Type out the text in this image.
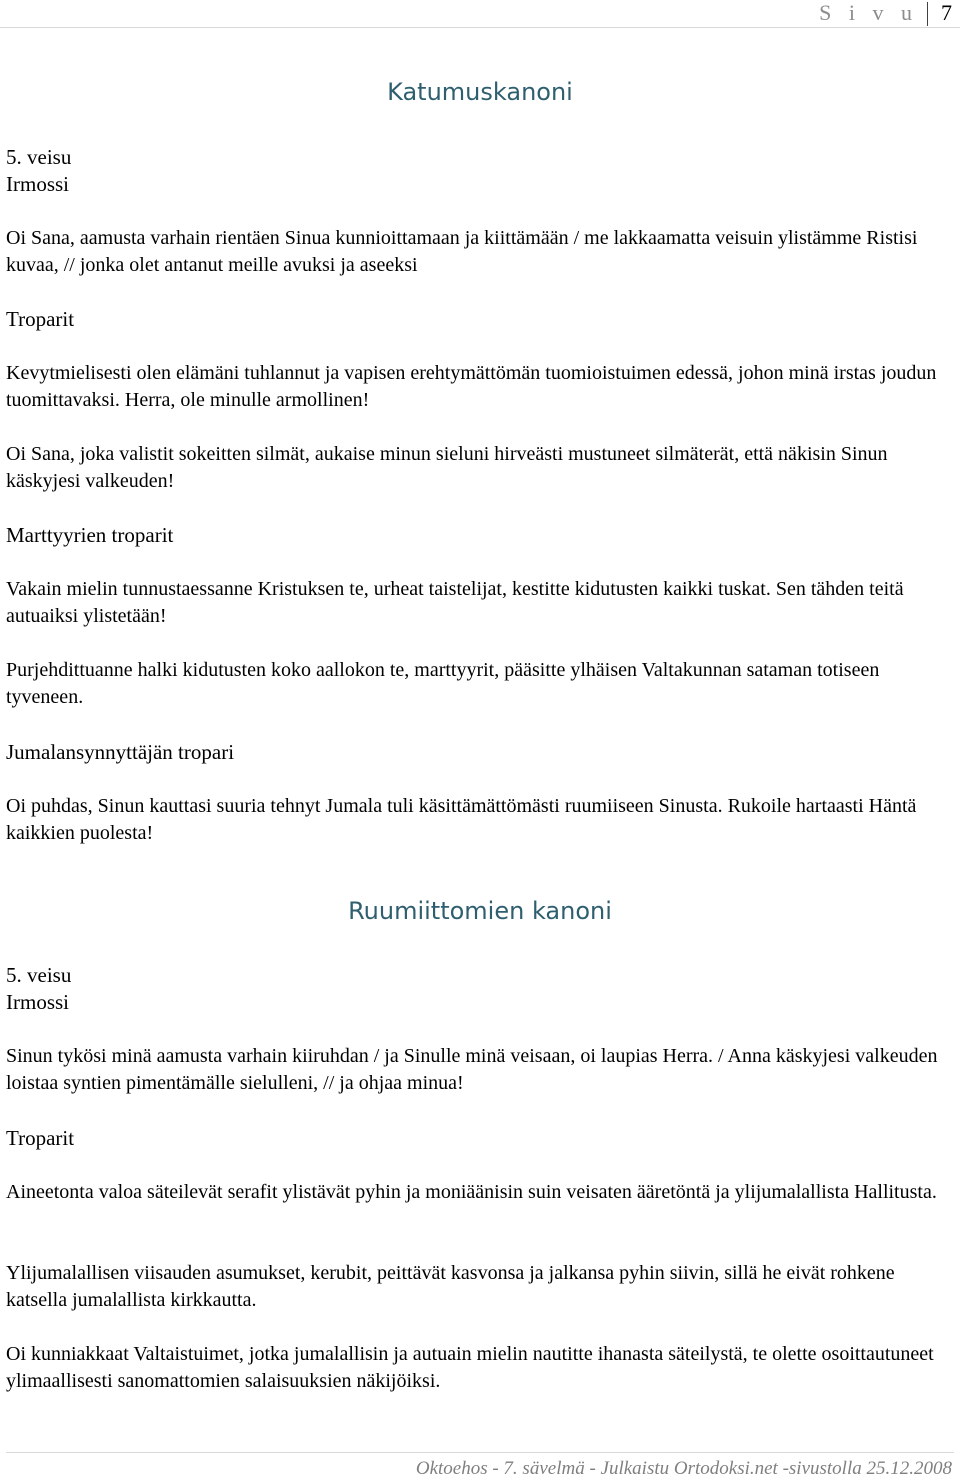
S i v u 7
Katumuskanoni

5. veisu

Irmossi

Oi Sana, aamusta varhain rientäen Sinua kunnioittamaan ja kiittämään / me lakkaamatta veisuin ylistämme Ristisi kuvaa, // jonka olet antanut meille avuksi ja aseeksi

Troparit

Kevytmielisesti olen elämäni tuhlannut ja vapisen erehtymättömän tuomioistuimen edessä, johon minä irstas joudun tuomittavaksi. Herra, ole minulle armollinen!

Oi Sana, joka valistit sokeitten silmät, aukaise minun sieluni hirveästi mustuneet silmäterät, että näkisin Sinun käskyjesi valkeuden!

Marttyyrien troparit

Vakain mielin tunnustaessanne Kristuksen te, urheat taistelijat, kestitte kidutusten kaikki tuskat. Sen tähden teitä autuaiksi ylistetään!

Purjehdittuanne halki kidutusten koko aallokon te, marttyyrit, pääsitte ylhäisen Valtakunnan sataman totiseen tyveneen.

Jumalansynnyttäjän tropari

Oi puhdas, Sinun kauttasi suuria tehnyt Jumala tuli käsittämättömästi ruumiiseen Sinusta. Rukoile hartaasti Häntä kaikkien puolesta!

Ruumiittomien kanoni

5. veisu

Irmossi

Sinun tykösi minä aamusta varhain kiiruhdan / ja Sinulle minä veisaan, oi laupias Herra. / Anna käskyjesi valkeuden loistaa syntien pimentämälle sielulleni, // ja ohjaa minua!

Troparit

Aineetonta valoa säteilevät serafit ylistävät pyhin ja moniäänisin suin veisaten ääretöntä ja ylijumalallista Hallitusta.

Ylijumalallisen viisauden asumukset, kerubit, peittävät kasvonsa ja jalkansa pyhin siivin, sillä he eivät rohkene katsella jumalallista kirkkautta.

Oi kunniakkaat Valtaistuimet, jotka jumalallisin ja autuain mielin nautitte ihanasta säteilystä, te olette osoittautuneet ylimaallisesti sanomattomien salaisuuksien näkijöiksi.

Oktoehos - 7. sävelmä - Julkaistu Ortodoksi.net -sivustolla 25.12.2008
